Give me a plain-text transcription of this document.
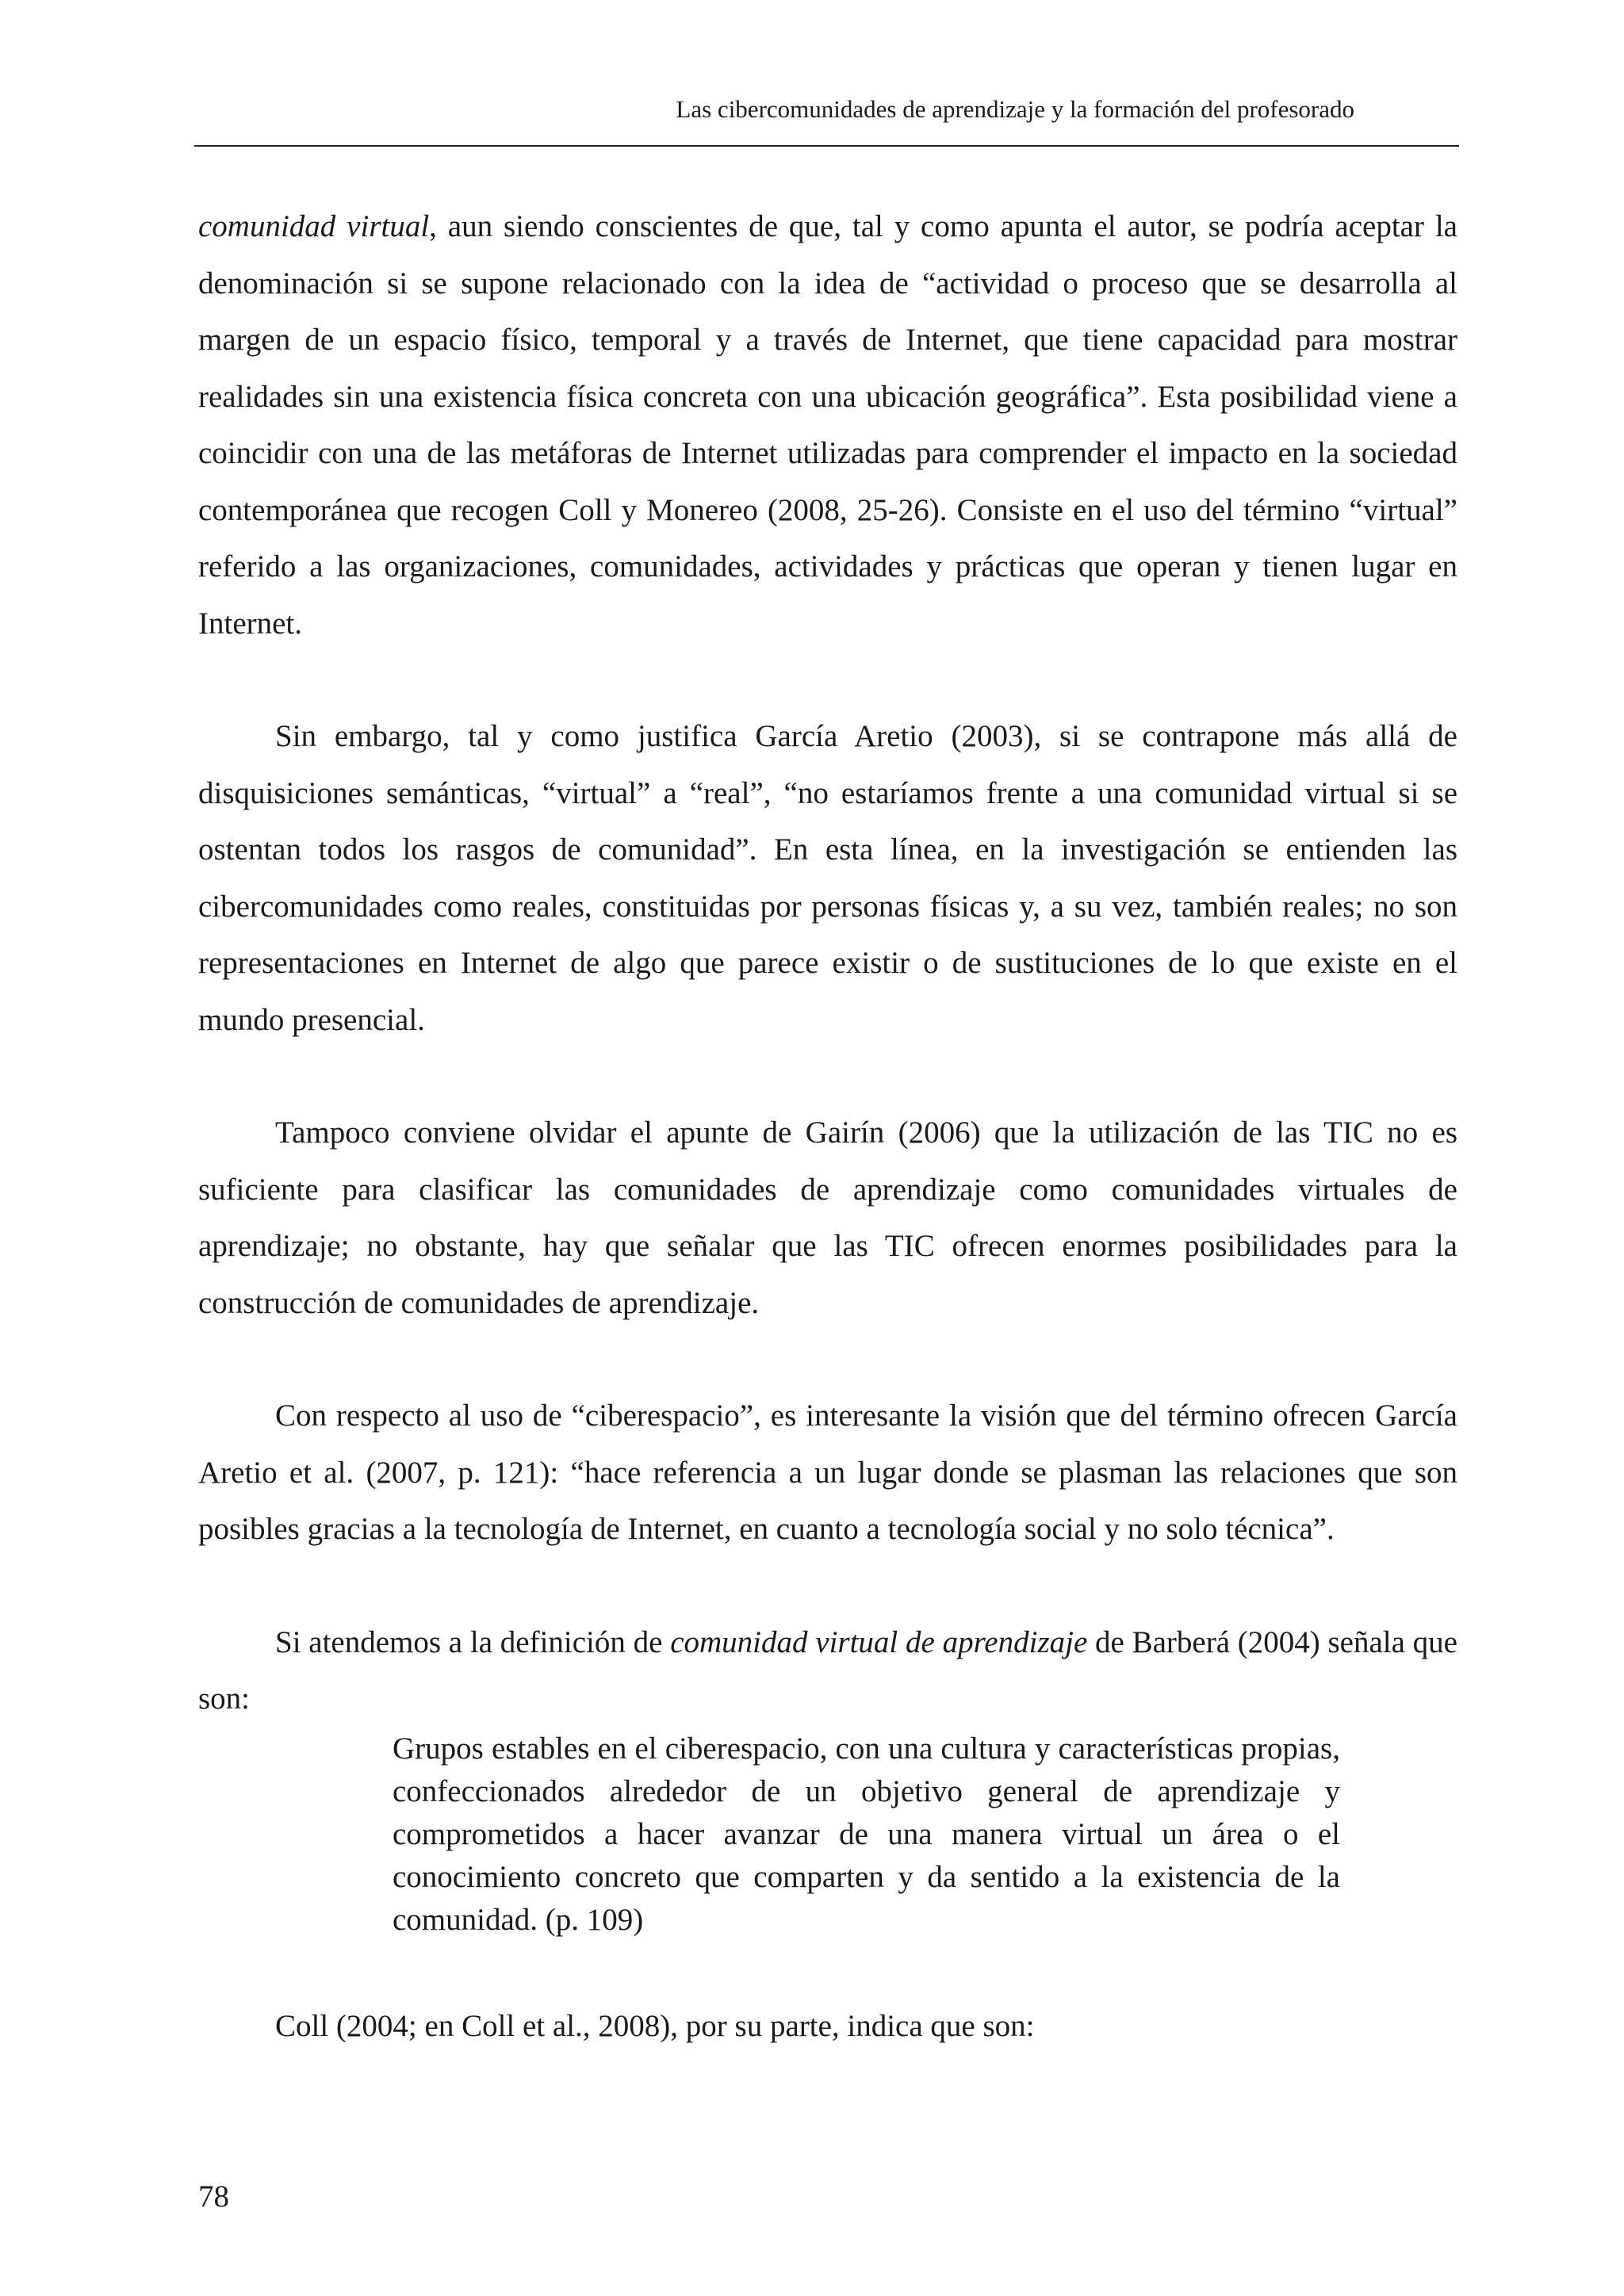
Las cibercomunidades de aprendizaje y la formación del profesorado

comunidad virtual, aun siendo conscientes de que, tal y como apunta el autor, se podría aceptar la denominación si se supone relacionado con la idea de “actividad o proceso que se desarrolla al margen de un espacio físico, temporal y a través de Internet, que tiene capacidad para mostrar realidades sin una existencia física concreta con una ubicación geográfica”. Esta posibilidad viene a coincidir con una de las metáforas de Internet utilizadas para comprender el impacto en la sociedad contemporánea que recogen Coll y Monereo (2008, 25-26). Consiste en el uso del término “virtual” referido a las organizaciones, comunidades, actividades y prácticas que operan y tienen lugar en Internet.

Sin embargo, tal y como justifica García Aretio (2003), si se contrapone más allá de disquisiciones semánticas, “virtual” a “real”, “no estaríamos frente a una comunidad virtual si se ostentan todos los rasgos de comunidad”. En esta línea, en la investigación se entienden las cibercomunidades como reales, constituidas por personas físicas y, a su vez, también reales; no son representaciones en Internet de algo que parece existir o de sustituciones de lo que existe en el mundo presencial.

Tampoco conviene olvidar el apunte de Gairín (2006) que la utilización de las TIC no es suficiente para clasificar las comunidades de aprendizaje como comunidades virtuales de aprendizaje; no obstante, hay que señalar que las TIC ofrecen enormes posibilidades para la construcción de comunidades de aprendizaje.

Con respecto al uso de “ciberespacio”, es interesante la visión que del término ofrecen García Aretio et al. (2007, p. 121): “hace referencia a un lugar donde se plasman las relaciones que son posibles gracias a la tecnología de Internet, en cuanto a tecnología social y no solo técnica”.

Si atendemos a la definición de comunidad virtual de aprendizaje de Barberá (2004) señala que son:

Grupos estables en el ciberespacio, con una cultura y características propias, confeccionados alrededor de un objetivo general de aprendizaje y comprometidos a hacer avanzar de una manera virtual un área o el conocimiento concreto que comparten y da sentido a la existencia de la comunidad. (p. 109)

Coll (2004; en Coll et al., 2008), por su parte, indica que son:

78
